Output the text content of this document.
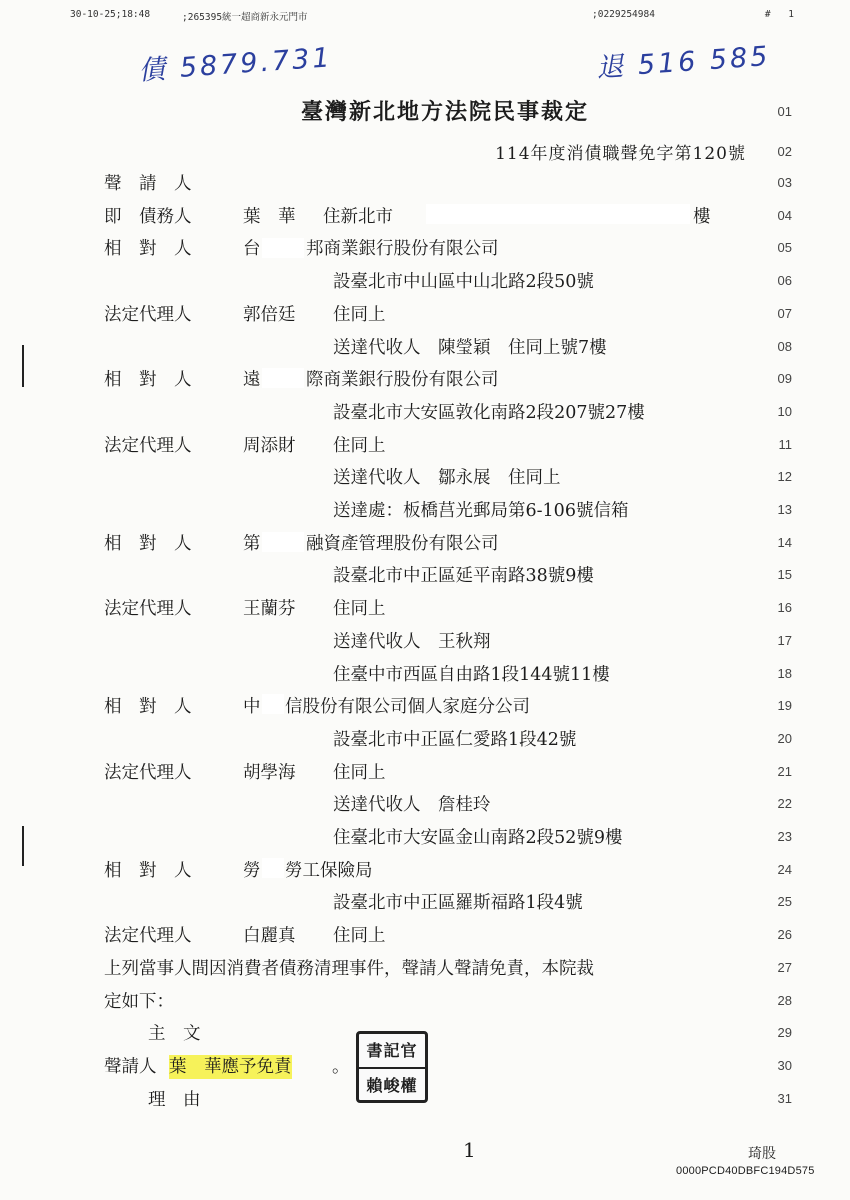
30-10-25;18:48	;265395統一超商新永元門市	;0229254984	# 1
債 5879.731	退 516 585
臺灣新北地方法院民事裁定
114年度消債職聲免字第120號
01
02
聲　請　人	03
即　債務人	葉　華 住新北市	樓	04
相　對　人	台	邦商業銀行股份有限公司	05
設臺北市中山區中山北路2段50號	06
法定代理人	郭倍廷 住同上	07
送達代收人　陳瑩穎　住同上號7樓	08
相　對　人	遠	際商業銀行股份有限公司	09
設臺北市大安區敦化南路2段207號27樓	10
法定代理人	周添財 住同上	11
送達代收人　鄒永展　住同上	12
送達處：板橋莒光郵局第6-106號信箱	13
相　對　人	第	融資產管理股份有限公司	14
設臺北市中正區延平南路38號9樓	15
法定代理人	王蘭芬 住同上	16
送達代收人　王秋翔	17
住臺中市西區自由路1段144號11樓	18
相　對　人	中 信股份有限公司個人家庭分公司	19
設臺北市中正區仁愛路1段42號	20
法定代理人	胡學海 住同上	21
送達代收人　詹桂玲	22
住臺北市大安區金山南路2段52號9樓	23
相　對　人	勞 勞工保險局	24
設臺北市中正區羅斯福路1段4號	25
法定代理人	白麗真 住同上	26
上列當事人間因消費者債務清理事件，聲請人聲請免責，本院裁	27
定如下：	28
主　文	29
聲請人 葉　華應予免責 。	30
理　由	31
書記官
賴峻權
1	琦股
0000PCD40DBFC194D575
